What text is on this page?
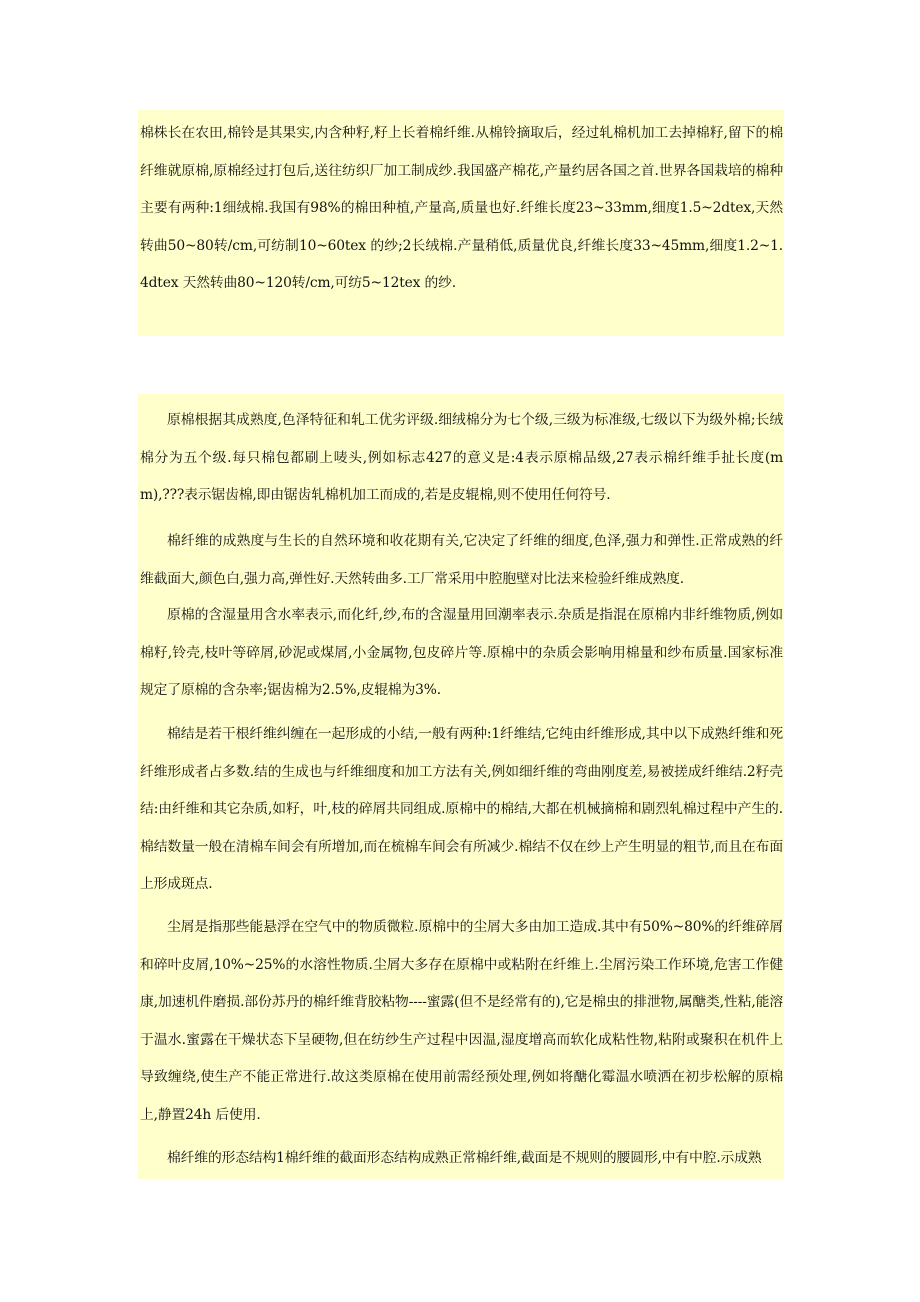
棉株长在农田,棉铃是其果实,内含种籽,籽上长着棉纤维.从棉铃摘取后，经过轧棉机加工去掉棉籽,留下的棉纤维就原棉,原棉经过打包后,送往纺织厂加工制成纱.我国盛产棉花,产量约居各国之首.世界各国栽培的棉种主要有两种:1细绒棉.我国有98%的棉田种植,产量高,质量也好.纤维长度23~33mm,细度1.5~2dtex,天然转曲50~80转/cm,可纺制10~60tex 的纱;2长绒棉.产量稍低,质量优良,纤维长度33~45mm,细度1.2~1.4dtex 天然转曲80~120转/cm,可纺5~12tex 的纱.

原棉根据其成熟度,色泽特征和轧工优劣评级.细绒棉分为七个级,三级为标准级,七级以下为级外棉;长绒棉分为五个级.每只棉包都刷上唛头,例如标志427的意义是:4表示原棉品级,27表示棉纤维手扯长度(mm),???表示锯齿棉,即由锯齿轧棉机加工而成的,若是皮辊棉,则不使用任何符号.

棉纤维的成熟度与生长的自然环境和收花期有关,它决定了纤维的细度,色泽,强力和弹性.正常成熟的纤维截面大,颜色白,强力高,弹性好.天然转曲多.工厂常采用中腔胞壁对比法来检验纤维成熟度.

原棉的含湿量用含水率表示,而化纤,纱,布的含湿量用回潮率表示.杂质是指混在原棉内非纤维物质,例如棉籽,铃壳,枝叶等碎屑,砂泥或煤屑,小金属物,包皮碎片等.原棉中的杂质会影响用棉量和纱布质量.国家标准规定了原棉的含杂率;锯齿棉为2.5%,皮辊棉为3%.

棉结是若干根纤维纠缠在一起形成的小结,一般有两种:1纤维结,它纯由纤维形成,其中以下成熟纤维和死纤维形成者占多数.结的生成也与纤维细度和加工方法有关,例如细纤维的弯曲刚度差,易被搓成纤维结.2籽壳结:由纤维和其它杂质,如籽，叶,枝的碎屑共同组成.原棉中的棉结,大都在机械摘棉和剧烈轧棉过程中产生的.棉结数量一般在清棉车间会有所增加,而在梳棉车间会有所减少.棉结不仅在纱上产生明显的粗节,而且在布面上形成斑点.

尘屑是指那些能悬浮在空气中的物质微粒.原棉中的尘屑大多由加工造成.其中有50%~80%的纤维碎屑和碎叶皮屑,10%~25%的水溶性物质.尘屑大多存在原棉中或粘附在纤维上.尘屑污染工作环境,危害工作健康,加速机件磨损.部份苏丹的棉纤维背胶粘物----蜜露(但不是经常有的),它是棉虫的排泄物,属醣类,性粘,能溶于温水.蜜露在干燥状态下呈硬物,但在纺纱生产过程中因温,湿度增高而软化成粘性物,粘附或聚积在机件上导致缠绕,使生产不能正常进行.故这类原棉在使用前需经预处理,例如将醣化霉温水喷洒在初步松解的原棉上,静置24h 后使用.

棉纤维的形态结构1棉纤维的截面形态结构成熟正常棉纤维,截面是不规则的腰圆形,中有中腔.示成熟
